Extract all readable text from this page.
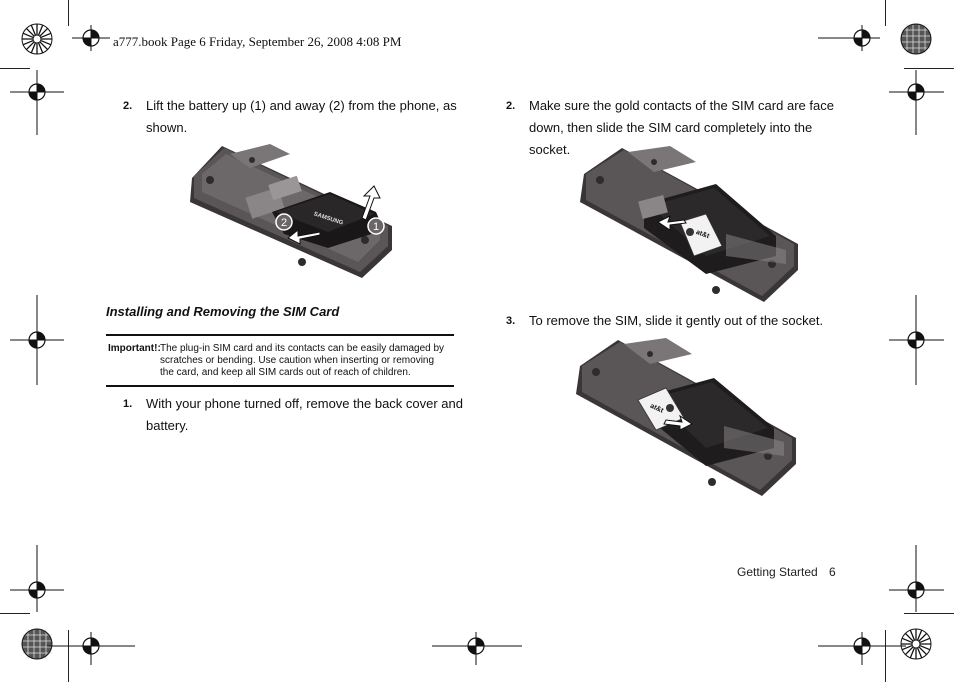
a777.book Page 6 Friday, September 26, 2008 4:08 PM
2. Lift the battery up (1) and away (2) from the phone, as
shown.
SAMSUNG
2	1
Installing and Removing the SIM Card
Important!: The plug-in SIM card and its contacts can be easily damaged by
scratches or bending. Use caution when inserting or removing
the card, and keep all SIM cards out of reach of children.
1. With your phone turned off, remove the back cover and
battery.
2. Make sure the gold contacts of the SIM card are face
down, then slide the SIM card completely into the socket.
at&t
3. To remove the SIM, slide it gently out of the socket.
at&t
Getting Started 6
